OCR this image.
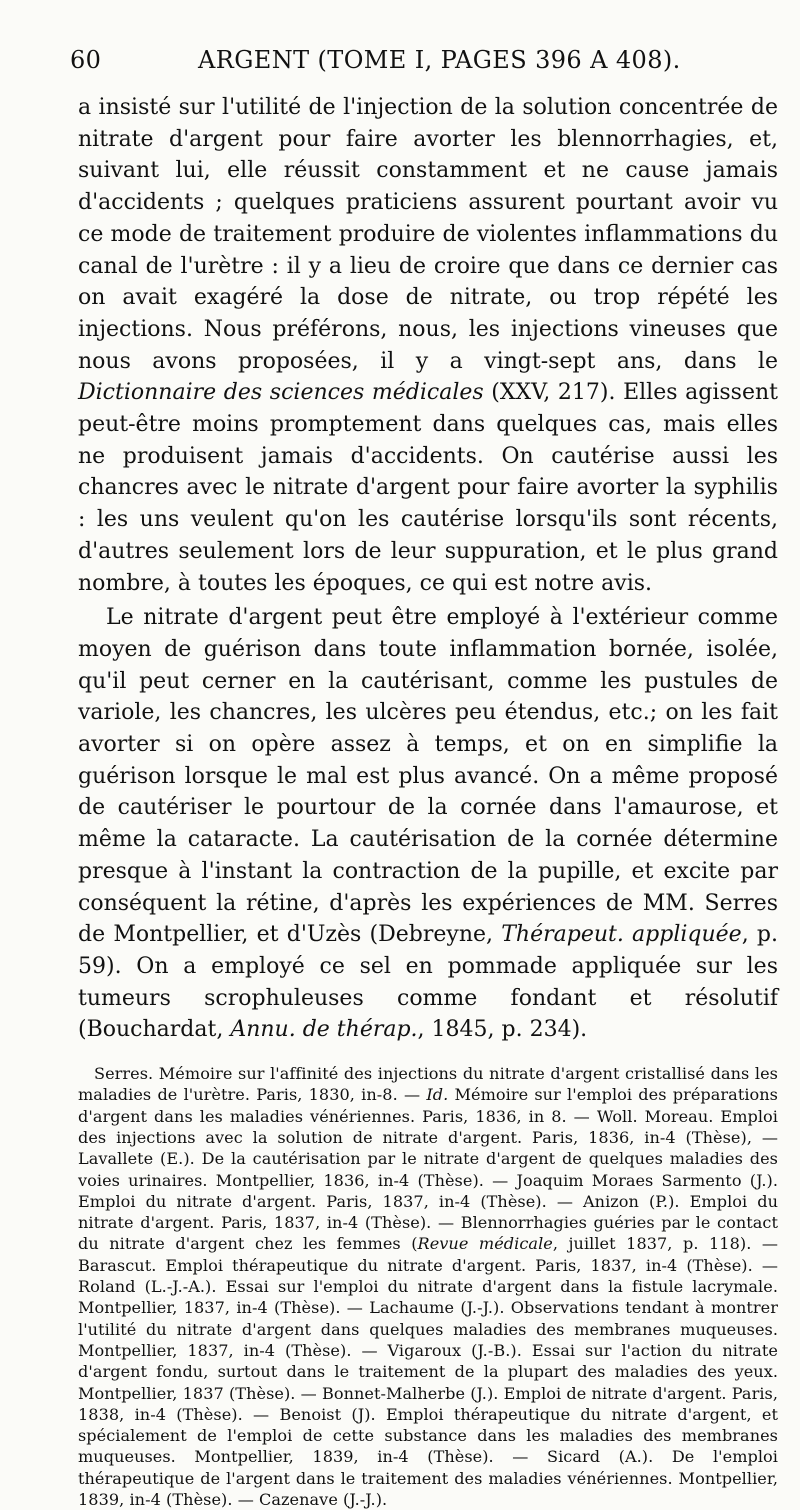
60	ARGENT (TOME I, PAGES 396 A 408).

a insisté sur l'utilité de l'injection de la solution concentrée de nitrate d'argent pour faire avorter les blennorrhagies, et, suivant lui, elle réussit constamment et ne cause jamais d'accidents ; quelques praticiens assurent pourtant avoir vu ce mode de traitement produire de violentes inflammations du canal de l'urètre : il y a lieu de croire que dans ce dernier cas on avait exagéré la dose de nitrate, ou trop répété les injections. Nous préférons, nous, les injections vineuses que nous avons proposées, il y a vingt-sept ans, dans le Dictionnaire des sciences médicales (XXV, 217). Elles agissent peut-être moins promptement dans quelques cas, mais elles ne produisent jamais d'accidents. On cautérise aussi les chancres avec le nitrate d'argent pour faire avorter la syphilis : les uns veulent qu'on les cautérise lorsqu'ils sont récents, d'autres seulement lors de leur suppuration, et le plus grand nombre, à toutes les époques, ce qui est notre avis.

Le nitrate d'argent peut être employé à l'extérieur comme moyen de guérison dans toute inflammation bornée, isolée, qu'il peut cerner en la cautérisant, comme les pustules de variole, les chancres, les ulcères peu étendus, etc.; on les fait avorter si on opère assez à temps, et on en simplifie la guérison lorsque le mal est plus avancé. On a même proposé de cautériser le pourtour de la cornée dans l'amaurose, et même la cataracte. La cautérisation de la cornée détermine presque à l'instant la contraction de la pupille, et excite par conséquent la rétine, d'après les expériences de MM. Serres de Montpellier, et d'Uzès (Debreyne, Thérapeut. appliquée, p. 59). On a employé ce sel en pommade appliquée sur les tumeurs scrophuleuses comme fondant et résolutif (Bouchardat, Annu. de thérap., 1845, p. 234).

Serres. Mémoire sur l'affinité des injections du nitrate d'argent cristallisé dans les maladies de l'urètre. Paris, 1830, in-8. — Id. Mémoire sur l'emploi des préparations d'argent dans les maladies vénériennes. Paris, 1836, in 8. — Woll. Moreau. Emploi des injections avec la solution de nitrate d'argent. Paris, 1836, in-4 (Thèse), — Lavallete (E.). De la cautérisation par le nitrate d'argent de quelques maladies des voies urinaires. Montpellier, 1836, in-4 (Thèse). — Joaquim Moraes Sarmento (J.). Emploi du nitrate d'argent. Paris, 1837, in-4 (Thèse). — Anizon (P.). Emploi du nitrate d'argent. Paris, 1837, in-4 (Thèse). — Blennorrhagies guéries par le contact du nitrate d'argent chez les femmes (Revue médicale, juillet 1837, p. 118). — Barascut. Emploi thérapeutique du nitrate d'argent. Paris, 1837, in-4 (Thèse). — Roland (L.-J.-A.). Essai sur l'emploi du nitrate d'argent dans la fistule lacrymale. Montpellier, 1837, in-4 (Thèse). — Lachaume (J.-J.). Observations tendant à montrer l'utilité du nitrate d'argent dans quelques maladies des membranes muqueuses. Montpellier, 1837, in-4 (Thèse). — Vigaroux (J.-B.). Essai sur l'action du nitrate d'argent fondu, surtout dans le traitement de la plupart des maladies des yeux. Montpellier, 1837 (Thèse). — Bonnet-Malherbe (J.). Emploi de nitrate d'argent. Paris, 1838, in-4 (Thèse). — Benoist (J). Emploi thérapeutique du nitrate d'argent, et spécialement de l'emploi de cette substance dans les maladies des membranes muqueuses. Montpellier, 1839, in-4 (Thèse). — Sicard (A.). De l'emploi thérapeutique de l'argent dans le traitement des maladies vénériennes. Montpellier, 1839, in-4 (Thèse). — Cazenave (J.-J.).
